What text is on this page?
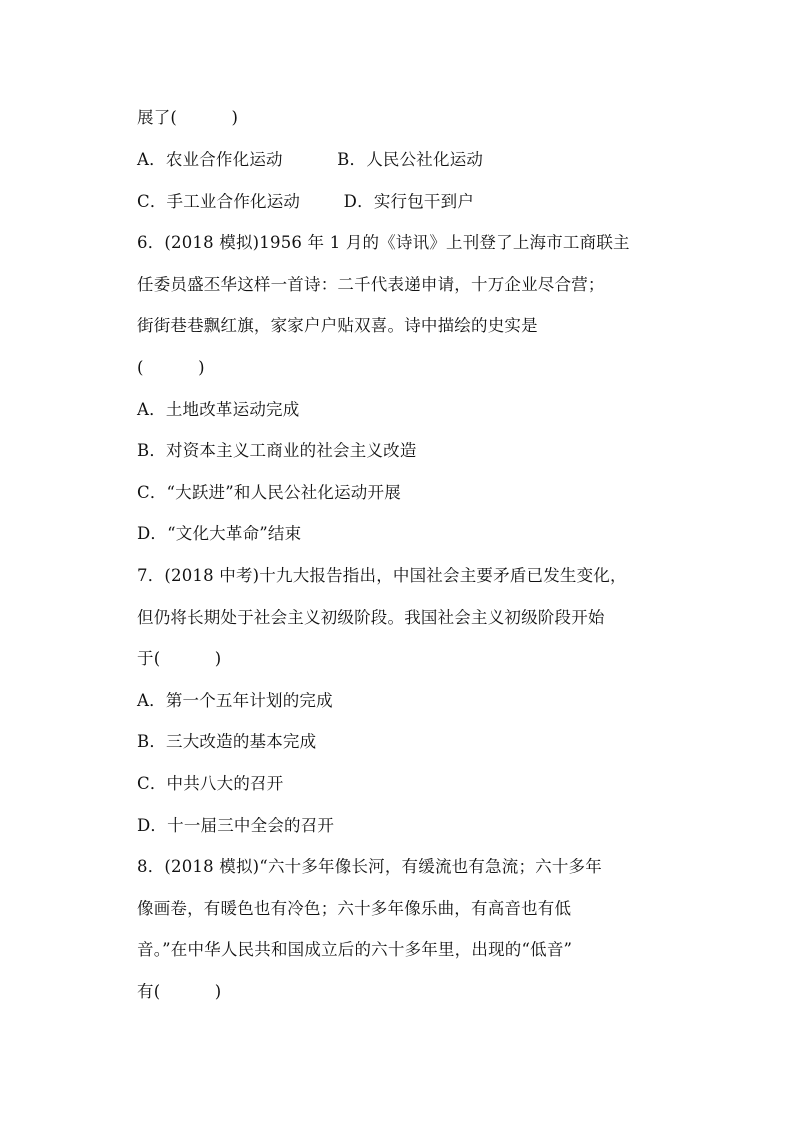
展了(          )
A．农业合作化运动          B．人民公社化运动
C．手工业合作化运动        D．实行包干到户
6．(2018 模拟)1956 年 1 月的《诗讯》上刊登了上海市工商联主
任委员盛丕华这样一首诗：二千代表递申请，十万企业尽合营；
街街巷巷飘红旗，家家户户贴双喜。诗中描绘的史实是
(          )
A．土地改革运动完成
B．对资本主义工商业的社会主义改造
C．“大跃进”和人民公社化运动开展
D．“文化大革命”结束
7．(2018 中考)十九大报告指出，中国社会主要矛盾已发生变化，
但仍将长期处于社会主义初级阶段。我国社会主义初级阶段开始
于(          )
A．第一个五年计划的完成
B．三大改造的基本完成
C．中共八大的召开
D．十一届三中全会的召开
8．(2018 模拟)“六十多年像长河，有缓流也有急流；六十多年
像画卷，有暖色也有冷色；六十多年像乐曲，有高音也有低
音。”在中华人民共和国成立后的六十多年里，出现的“低音”
有(          )
